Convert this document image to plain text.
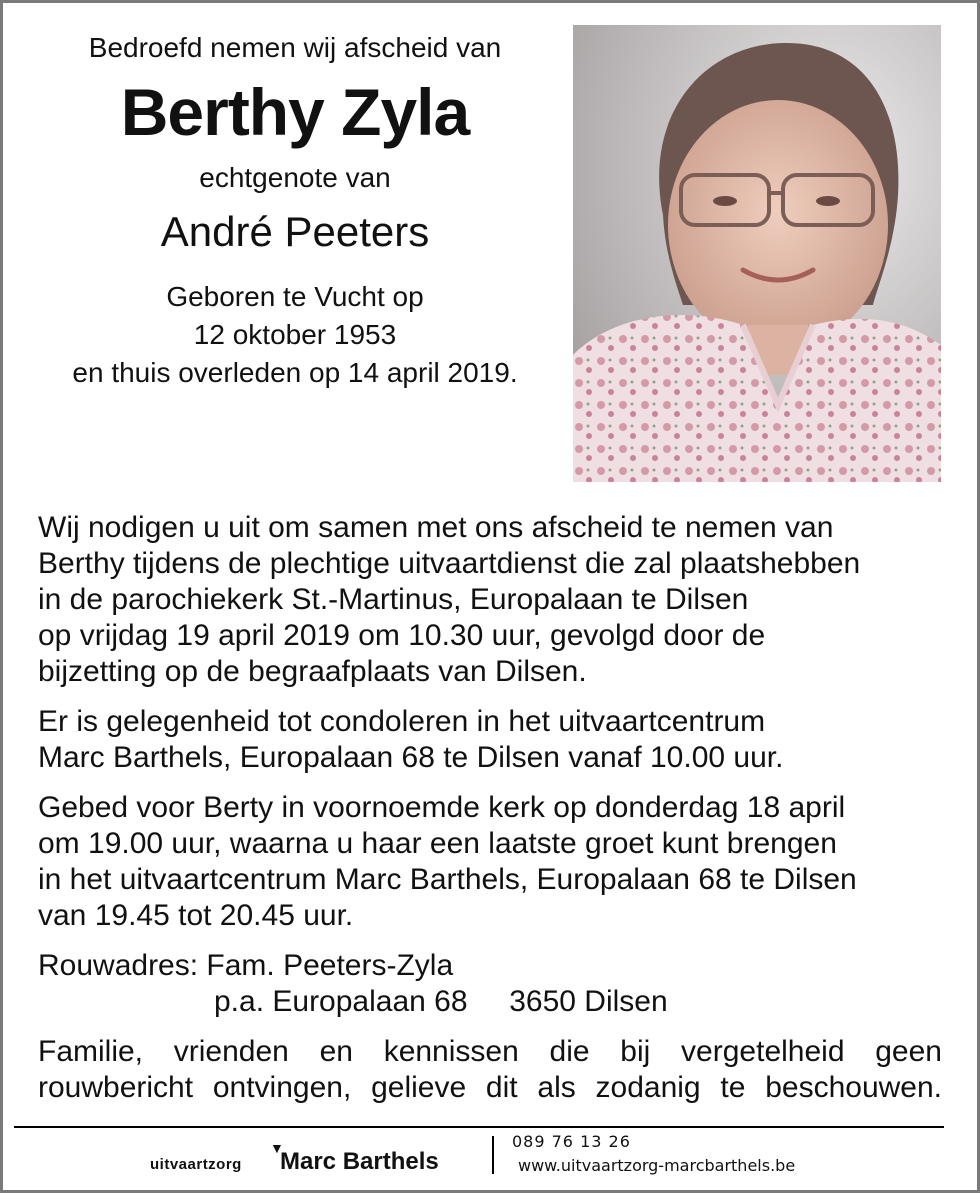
Bedroefd nemen wij afscheid van
Berthy Zyla
echtgenote van
André Peeters
Geboren te Vucht op
12 oktober 1953
en thuis overleden op 14 april 2019.
Wij nodigen u uit om samen met ons afscheid te nemen van
Berthy tijdens de plechtige uitvaartdienst die zal plaatshebben
in de parochiekerk St.-Martinus, Europalaan te Dilsen
op vrijdag 19 april 2019 om 10.30 uur, gevolgd door de
bijzetting op de begraafplaats van Dilsen.
Er is gelegenheid tot condoleren in het uitvaartcentrum
Marc Barthels, Europalaan 68 te Dilsen vanaf 10.00 uur.
Gebed voor Berty in voornoemde kerk op donderdag 18 april
om 19.00 uur, waarna u haar een laatste groet kunt brengen
in het uitvaartcentrum Marc Barthels, Europalaan 68 te Dilsen
van 19.45 tot 20.45 uur.
Rouwadres:
Fam. Peeters-Zyla
p.a. Europalaan 68
3650 Dilsen
Familie, vrienden en kennissen die bij vergetelheid geen rouwbericht ontvingen, gelieve dit als zodanig te beschouwen.
uitvaartzorg
▼
Marc Barthels
089 76 13 26
www.uitvaartzorg-marcbarthels.be
